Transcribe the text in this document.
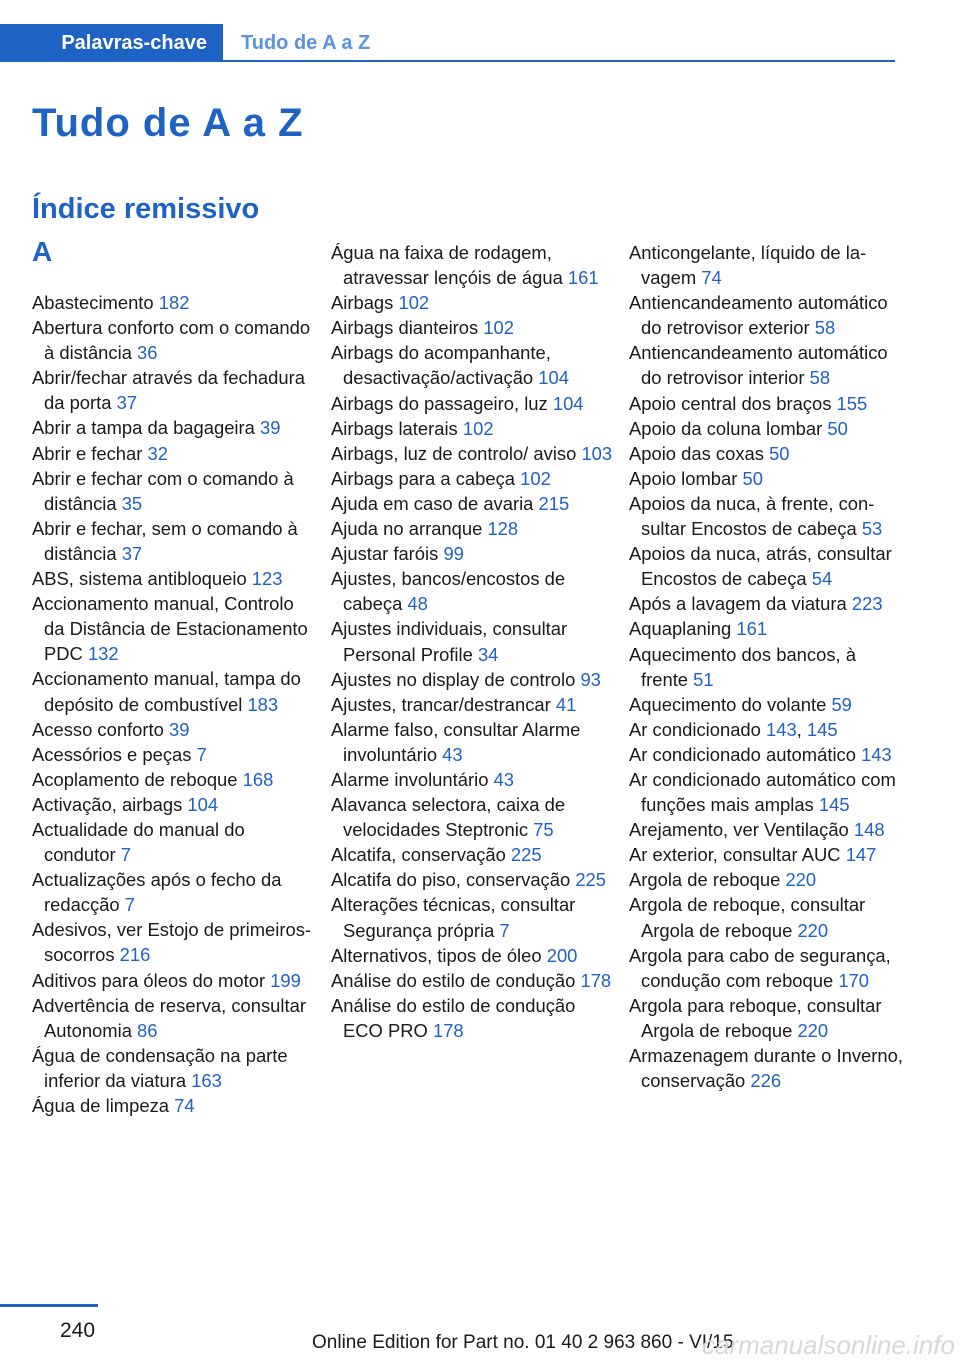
Palavras-chave	Tudo de A a Z
Tudo de A a Z
Índice remissivo
A
Abastecimento 182
Abertura conforto com o comando à distância 36
Abrir/fechar através da fechadura da porta 37
Abrir a tampa da bagageira 39
Abrir e fechar 32
Abrir e fechar com o comando à distância 35
Abrir e fechar, sem o comando à distância 37
ABS, sistema antibloqueio 123
Accionamento manual, Controlo da Distância de Estacionamento PDC 132
Accionamento manual, tampa do depósito de combustível 183
Acesso conforto 39
Acessórios e peças 7
Acoplamento de reboque 168
Activação, airbags 104
Actualidade do manual do condutor 7
Actualizações após o fecho da redacção 7
Adesivos, ver Estojo de primeiros-socorros 216
Aditivos para óleos do motor 199
Advertência de reserva, consultar Autonomia 86
Água de condensação na parte inferior da viatura 163
Água de limpeza 74
Água na faixa de rodagem, atravessar lençóis de água 161
Airbags 102
Airbags dianteiros 102
Airbags do acompanhante, desactivação/activação 104
Airbags do passageiro, luz 104
Airbags laterais 102
Airbags, luz de controlo/ aviso 103
Airbags para a cabeça 102
Ajuda em caso de avaria 215
Ajuda no arranque 128
Ajustar faróis 99
Ajustes, bancos/encostos de cabeça 48
Ajustes individuais, consultar Personal Profile 34
Ajustes no display de controlo 93
Ajustes, trancar/destrancar 41
Alarme falso, consultar Alarme involuntário 43
Alarme involuntário 43
Alavanca selectora, caixa de velocidades Steptronic 75
Alcatifa, conservação 225
Alcatifa do piso, conservação 225
Alterações técnicas, consultar Segurança própria 7
Alternativos, tipos de óleo 200
Análise do estilo de condução 178
Análise do estilo de condução ECO PRO 178
Anticongelante, líquido de lavagem 74
Antiencandeamento automático do retrovisor exterior 58
Antiencandeamento automático do retrovisor interior 58
Apoio central dos braços 155
Apoio da coluna lombar 50
Apoio das coxas 50
Apoio lombar 50
Apoios da nuca, à frente, consultar Encostos de cabeça 53
Apoios da nuca, atrás, consultar Encostos de cabeça 54
Após a lavagem da viatura 223
Aquaplaning 161
Aquecimento dos bancos, à frente 51
Aquecimento do volante 59
Ar condicionado 143, 145
Ar condicionado automático 143
Ar condicionado automático com funções mais amplas 145
Arejamento, ver Ventilação 148
Ar exterior, consultar AUC 147
Argola de reboque 220
Argola de reboque, consultar Argola de reboque 220
Argola para cabo de segurança, condução com reboque 170
Argola para reboque, consultar Argola de reboque 220
Armazenagem durante o Inverno, conservação 226
240
Online Edition for Part no. 01 40 2 963 860 - VI/15
carmanualsonline.info
